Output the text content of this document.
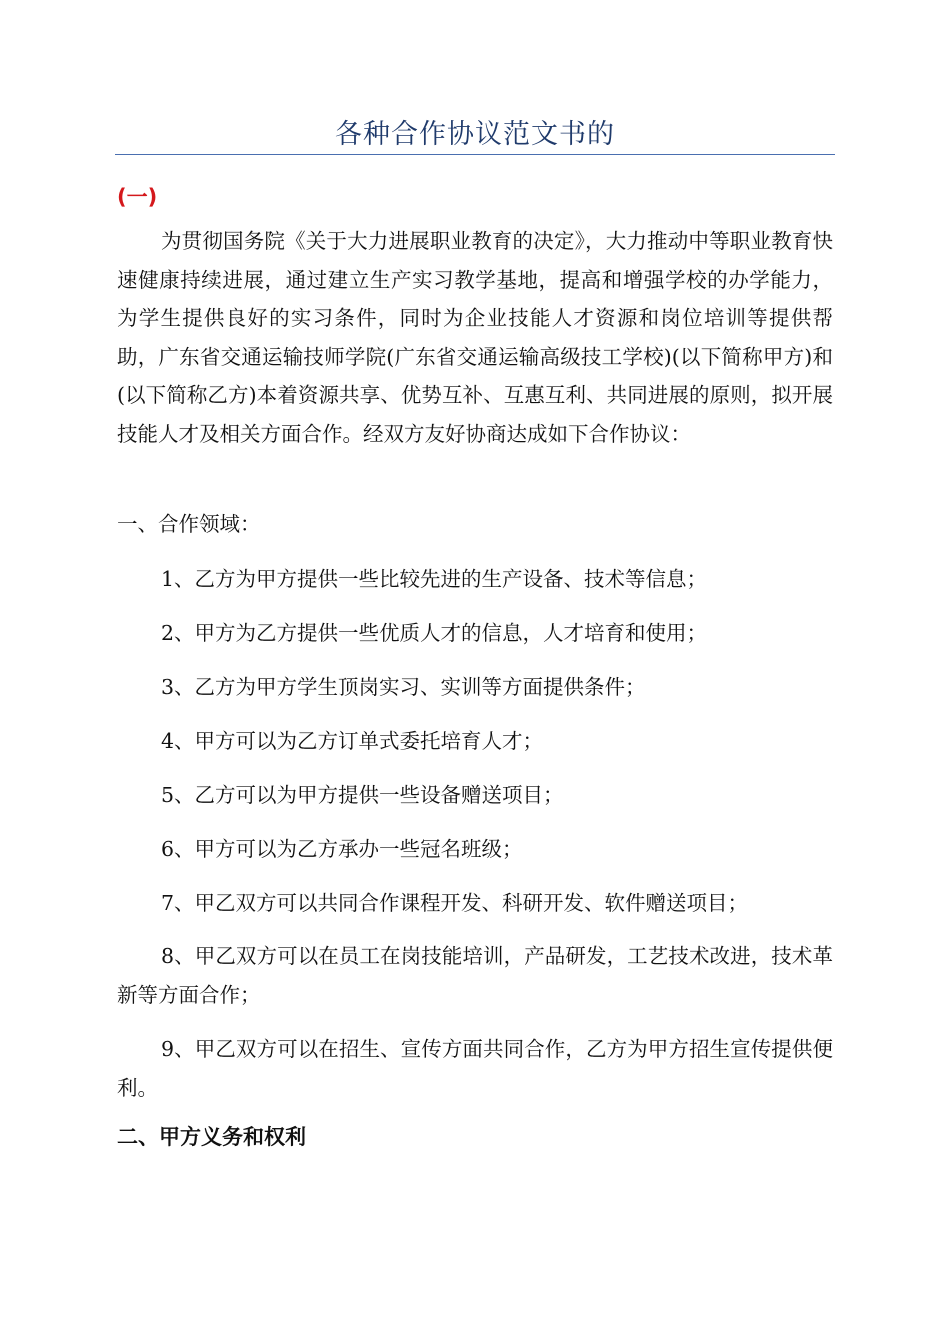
各种合作协议范文书的

(一)

为贯彻国务院《关于大力进展职业教育的决定》，大力推动中等职业教育快速健康持续进展，通过建立生产实习教学基地，提高和增强学校的办学能力，为学生提供良好的实习条件，同时为企业技能人才资源和岗位培训等提供帮助，广东省交通运输技师学院(广东省交通运输高级技工学校)(以下简称甲方)和(以下简称乙方)本着资源共享、优势互补、互惠互利、共同进展的原则，拟开展技能人才及相关方面合作。经双方友好协商达成如下合作协议：

一、合作领域：

1、乙方为甲方提供一些比较先进的生产设备、技术等信息；

2、甲方为乙方提供一些优质人才的信息，人才培育和使用；

3、乙方为甲方学生顶岗实习、实训等方面提供条件；

4、甲方可以为乙方订单式委托培育人才；

5、乙方可以为甲方提供一些设备赠送项目；

6、甲方可以为乙方承办一些冠名班级；

7、甲乙双方可以共同合作课程开发、科研开发、软件赠送项目；

8、甲乙双方可以在员工在岗技能培训，产品研发，工艺技术改进，技术革新等方面合作；

9、甲乙双方可以在招生、宣传方面共同合作，乙方为甲方招生宣传提供便利。

二、甲方义务和权利
